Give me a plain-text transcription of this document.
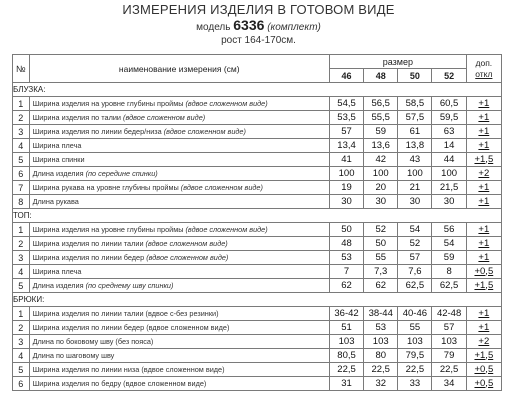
ИЗМЕРЕНИЯ ИЗДЕЛИЯ В ГОТОВОМ ВИДЕ
модель 6336 (комплект)
рост 164-170см.
№	наименование измерения (см)	размер				доп.
откл

		46	48	50	52	
БЛУЗКА:						
1	Ширина изделия на уровне глубины проймы (вдвое сложенном виде)	54,5	56,5	58,5	60,5	+1
2	Ширина изделия по талии (вдвое сложенном виде)	53,5	55,5	57,5	59,5	+1
3	Ширина изделия по линии бедер/низа (вдвое сложенном виде)	57	59	61	63	+1
4	Ширина плеча	13,4	13,6	13,8	14	+1
5	Ширина спинки	41	42	43	44	+1,5
6	Длина изделия (по середине спинки)	100	100	100	100	+2
7	Ширина рукава на уровне глубины проймы (вдвое сложенном виде)	19	20	21	21,5	+1
8	Длина рукава	30	30	30	30	+1
ТОП:						
1	Ширина изделия на уровне глубины проймы (вдвое сложенном виде)	50	52	54	56	+1
2	Ширина изделия по линии талии (вдвое сложенном виде)	48	50	52	54	+1
3	Ширина изделия по линии бедер (вдвое сложенном виде)	53	55	57	59	+1
4	Ширина плеча	7	7,3	7,6	8	+0,5
5	Длина изделия (по среднему шву спинки)	62	62	62,5	62,5	+1,5
БРЮКИ:						
1	Ширина изделия по линии талии (вдвое с-без резинки)	36-42	38-44	40-46	42-48	+1
2	Ширина изделия по линии бедер (вдвое сложенном виде)	51	53	55	57	+1
3	Длина по боковому шву (без пояса)	103	103	103	103	+2
4	Длина по шаговому шву	80,5	80	79,5	79	+1,5
5	Ширина изделия по линии низа (вдвое сложенном виде)	22,5	22,5	22,5	22,5	+0,5
6	Ширина изделия по бедру (вдвое сложенном виде)	31	32	33	34	+0,5
